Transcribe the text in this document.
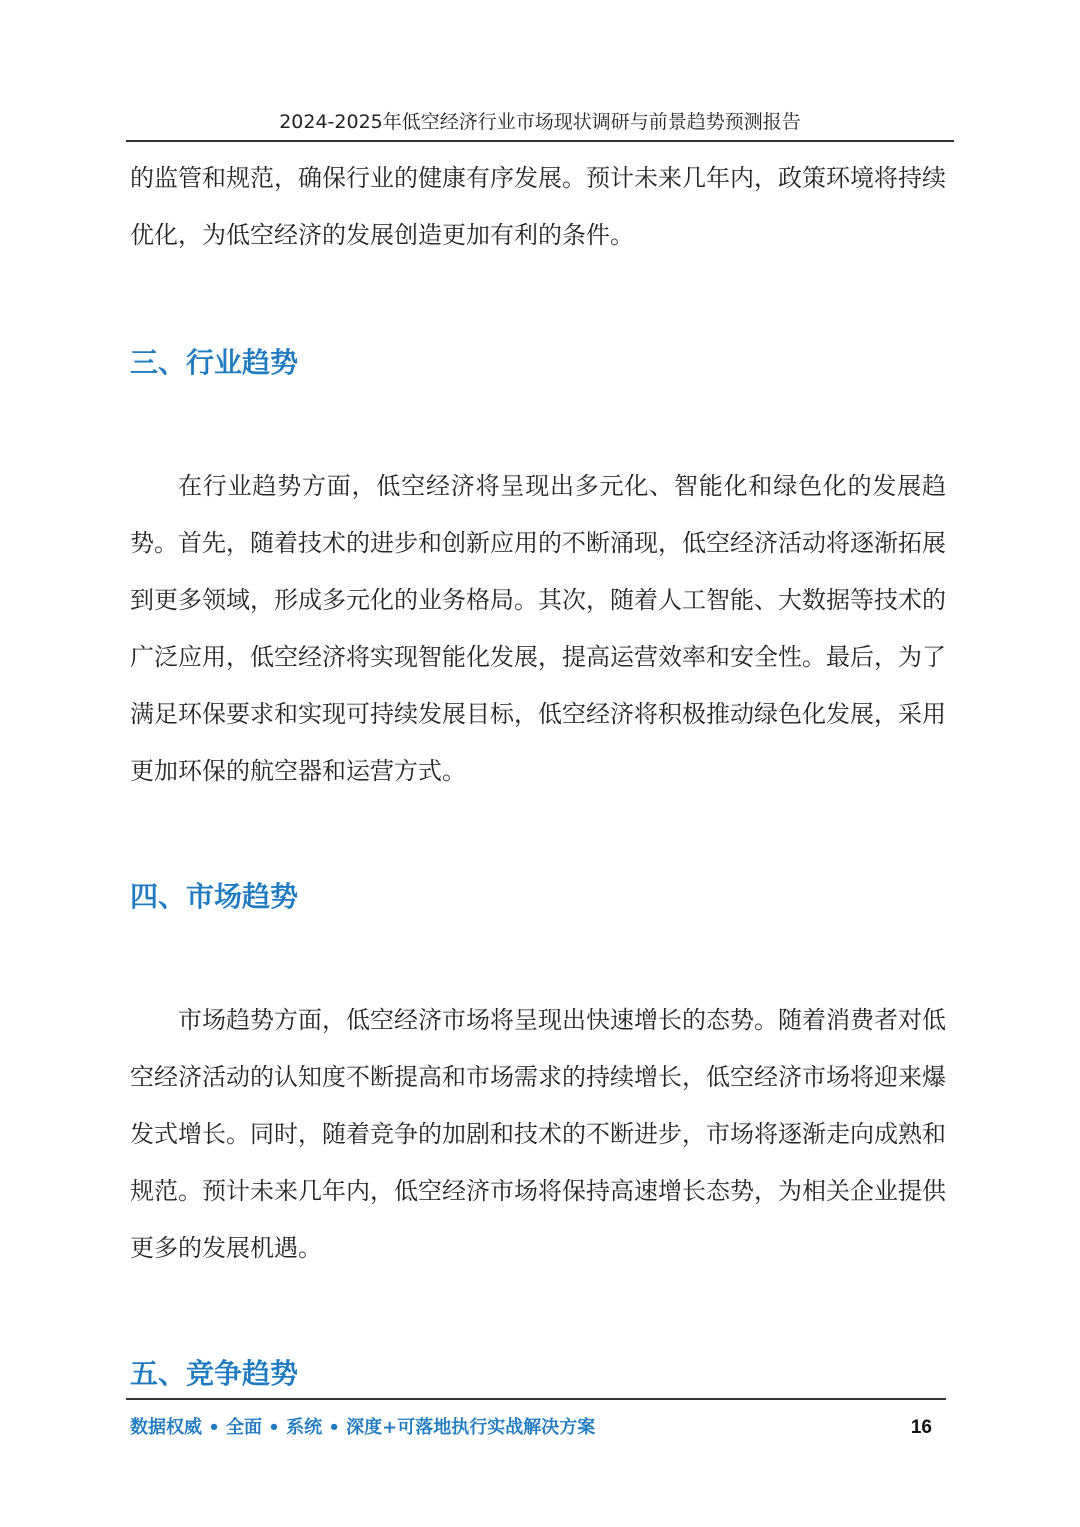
2024-2025年低空经济行业市场现状调研与前景趋势预测报告

的监管和规范，确保行业的健康有序发展。预计未来几年内，政策环境将持续优化，为低空经济的发展创造更加有利的条件。

三、行业趋势

在行业趋势方面，低空经济将呈现出多元化、智能化和绿色化的发展趋势。首先，随着技术的进步和创新应用的不断涌现，低空经济活动将逐渐拓展到更多领域，形成多元化的业务格局。其次，随着人工智能、大数据等技术的广泛应用，低空经济将实现智能化发展，提高运营效率和安全性。最后，为了满足环保要求和实现可持续发展目标，低空经济将积极推动绿色化发展，采用更加环保的航空器和运营方式。

四、市场趋势

市场趋势方面，低空经济市场将呈现出快速增长的态势。随着消费者对低空经济活动的认知度不断提高和市场需求的持续增长，低空经济市场将迎来爆发式增长。同时，随着竞争的加剧和技术的不断进步，市场将逐渐走向成熟和规范。预计未来几年内，低空经济市场将保持高速增长态势，为相关企业提供更多的发展机遇。

五、竞争趋势
数据权威 • 全面 • 系统 • 深度+可落地执行实战解决方案	16
